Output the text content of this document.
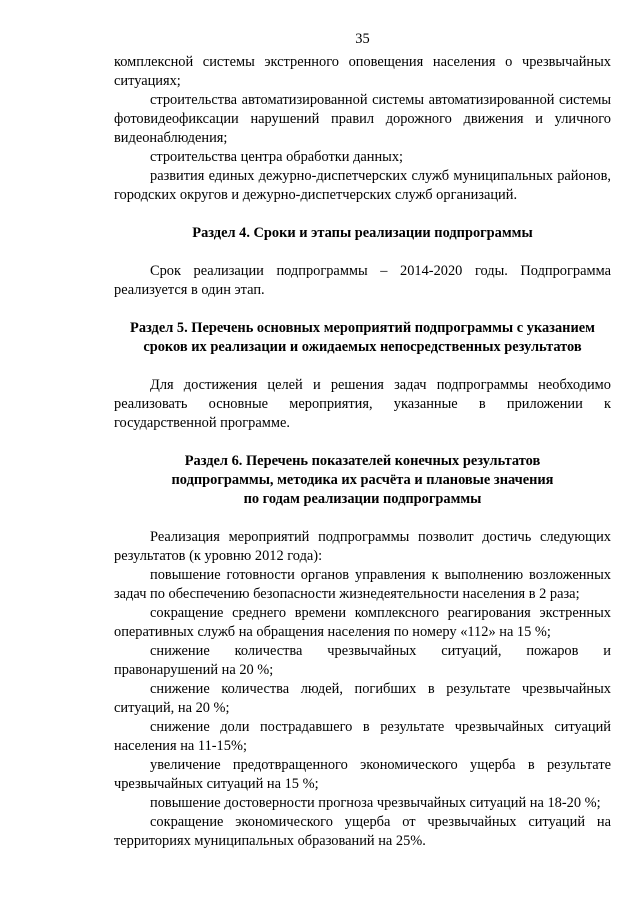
35

комплексной системы экстренного оповещения населения о чрезвычайных ситуациях;

строительства автоматизированной системы автоматизированной системы фотовидеофиксации нарушений правил дорожного движения и уличного видеонаблюдения;

строительства центра обработки данных;

развития единых дежурно-диспетчерских служб муниципальных районов, городских округов и дежурно-диспетчерских служб организаций.

Раздел 4. Сроки и этапы реализации подпрограммы

Срок реализации подпрограммы – 2014-2020 годы. Подпрограмма реализуется в один этап.

Раздел 5. Перечень основных мероприятий подпрограммы с указанием

сроков их реализации и ожидаемых непосредственных результатов

Для достижения целей и решения задач подпрограммы необходимо реализовать основные мероприятия, указанные в приложении к государственной программе.

Раздел 6. Перечень показателей конечных результатов

подпрограммы, методика их расчёта и плановые значения

по годам реализации подпрограммы

Реализация мероприятий подпрограммы позволит достичь следующих результатов (к уровню 2012 года):

повышение готовности органов управления к выполнению возложенных задач по обеспечению безопасности жизнедеятельности населения в 2 раза;

сокращение среднего времени комплексного реагирования экстренных оперативных служб на обращения населения по номеру «112» на 15 %;

снижение количества чрезвычайных ситуаций, пожаров и правонарушений на 20 %;

снижение количества людей, погибших в результате чрезвычайных ситуаций, на 20 %;

снижение доли пострадавшего в результате чрезвычайных ситуаций населения на 11-15%;

увеличение предотвращенного экономического ущерба в результате чрезвычайных ситуаций на 15 %;

повышение достоверности прогноза чрезвычайных ситуаций на 18-20 %;

сокращение экономического ущерба от чрезвычайных ситуаций на территориях муниципальных образований на 25%.
